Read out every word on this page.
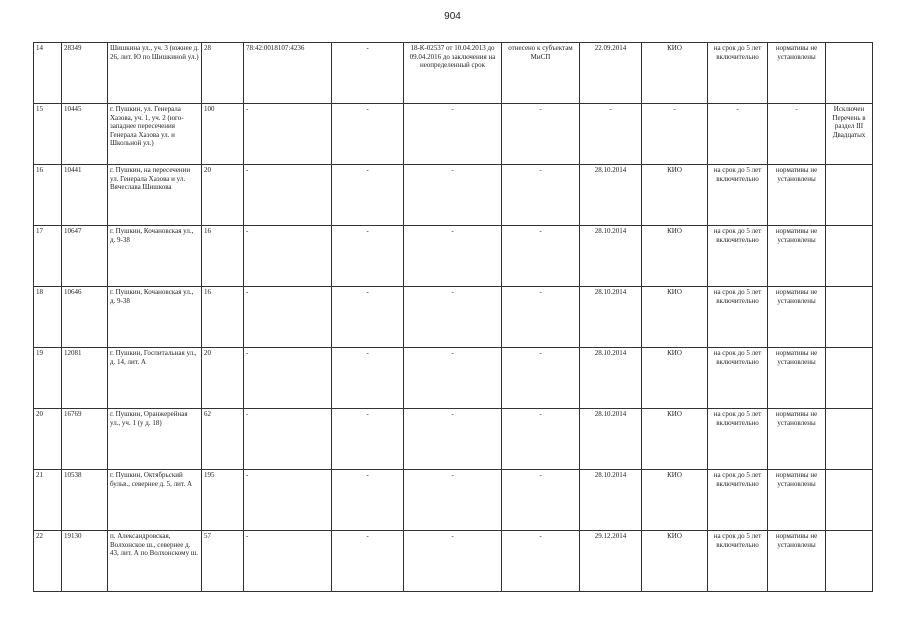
904
14	28349	Шишкина ул., уч. 3 (южнее д. 26, лит. Ю по Шишкиной ул.)	28	78:42:0018107:4236	-	18-К-02537 от 10.04.2013 до 09.04.2016 до заключения на неопределенный срок	отнесено к субъектам МиСП	22.09.2014	КИО	на срок до 5 лет включительно	нормативы не установлены	
15	10445	г. Пушкин, ул. Генерала Хазова, уч. 1, уч. 2 (юго-западнее пересечения Генерала Хазова ул. и Школьной ул.)	100	-	-	-	-	-	-	-	-	Исключен Перечень в раздел III Двадцатых
16	10441	г. Пушкин, на пересечении ул. Генерала Хазова и ул. Вячеслава Шишкова	20	-	-	-	-	28.10.2014	КИО	на срок до 5 лет включительно	нормативы не установлены	
17	10647	г. Пушкин, Кочановская ул., д. 9-38	16	-	-	-	-	28.10.2014	КИО	на срок до 5 лет включительно	нормативы не установлены	
18	10646	г. Пушкин, Кочановская ул., д. 9-38	16	-	-	-	-	28.10.2014	КИО	на срок до 5 лет включительно	нормативы не установлены	
19	12081	г. Пушкин, Госпитальная ул., д. 14, лит. А	20	-	-	-	-	28.10.2014	КИО	на срок до 5 лет включительно	нормативы не установлены	
20	16769	г. Пушкин, Оранжерейная ул., уч. 1 (у д. 18)	62	-	-	-	-	28.10.2014	КИО	на срок до 5 лет включительно	нормативы не установлены	
21	10538	г. Пушкин, Октябрьский бульв., севернее д. 5, лит. А	195	-	-	-	-	28.10.2014	КИО	на срок до 5 лет включительно	нормативы не установлены	
22	19130	п. Александровская, Волхонское ш., севернее д. 43, лит. А по Волхонскому ш.	57	-	-	-	-	29.12.2014	КИО	на срок до 5 лет включительно	нормативы не установлены	
